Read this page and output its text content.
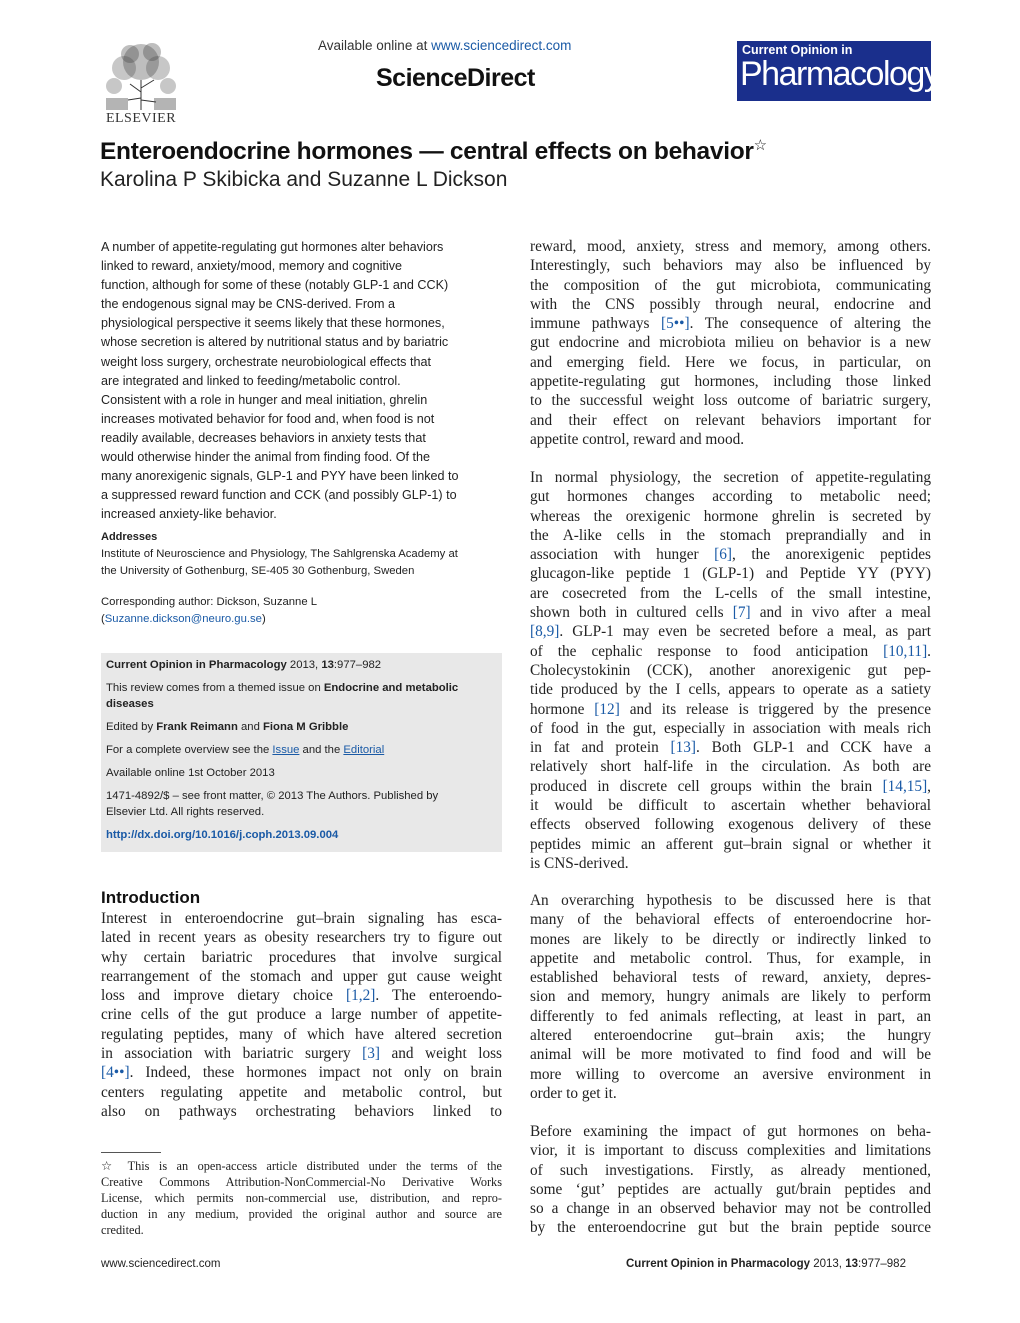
ELSEVIER
Available online at www.sciencedirect.com
ScienceDirect
Current Opinion in
Pharmacology
Enteroendocrine hormones — central effects on behavior☆
Karolina P Skibicka and Suzanne L Dickson
A number of appetite-regulating gut hormones alter behaviors
linked to reward, anxiety/mood, memory and cognitive
function, although for some of these (notably GLP-1 and CCK)
the endogenous signal may be CNS-derived. From a
physiological perspective it seems likely that these hormones,
whose secretion is altered by nutritional status and by bariatric
weight loss surgery, orchestrate neurobiological effects that
are integrated and linked to feeding/metabolic control.
Consistent with a role in hunger and meal initiation, ghrelin
increases motivated behavior for food and, when food is not
readily available, decreases behaviors in anxiety tests that
would otherwise hinder the animal from finding food. Of the
many anorexigenic signals, GLP-1 and PYY have been linked to
a suppressed reward function and CCK (and possibly GLP-1) to
increased anxiety-like behavior.
Addresses
Institute of Neuroscience and Physiology, The Sahlgrenska Academy at
the University of Gothenburg, SE-405 30 Gothenburg, Sweden
Corresponding author: Dickson, Suzanne L
(Suzanne.dickson@neuro.gu.se)
Current Opinion in Pharmacology 2013, 13:977–982
This review comes from a themed issue on Endocrine and metabolic
diseases
Edited by Frank Reimann and Fiona M Gribble
For a complete overview see the Issue and the Editorial
Available online 1st October 2013
1471-4892/$ – see front matter, © 2013 The Authors. Published by
Elsevier Ltd. All rights reserved.
http://dx.doi.org/10.1016/j.coph.2013.09.004
Introduction
Interest in enteroendocrine gut–brain signaling has esca-
lated in recent years as obesity researchers try to figure out
why certain bariatric procedures that involve surgical
rearrangement of the stomach and upper gut cause weight
loss and improve dietary choice [1,2]. The enteroendo-
crine cells of the gut produce a large number of appetite-
regulating peptides, many of which have altered secretion
in association with bariatric surgery [3] and weight loss
[4••]. Indeed, these hormones impact not only on brain
centers regulating appetite and metabolic control, but
also on pathways orchestrating behaviors linked to
☆ This is an open-access article distributed under the terms of the
Creative Commons Attribution-NonCommercial-No Derivative Works
License, which permits non-commercial use, distribution, and repro-
duction in any medium, provided the original author and source are
credited.
reward, mood, anxiety, stress and memory, among others.
Interestingly, such behaviors may also be influenced by
the composition of the gut microbiota, communicating
with the CNS possibly through neural, endocrine and
immune pathways [5••]. The consequence of altering the
gut endocrine and microbiota milieu on behavior is a new
and emerging field. Here we focus, in particular, on
appetite-regulating gut hormones, including those linked
to the successful weight loss outcome of bariatric surgery,
and their effect on relevant behaviors important for
appetite control, reward and mood.
In normal physiology, the secretion of appetite-regulating
gut hormones changes according to metabolic need;
whereas the orexigenic hormone ghrelin is secreted by
the A-like cells in the stomach preprandially and in
association with hunger [6], the anorexigenic peptides
glucagon-like peptide 1 (GLP-1) and Peptide YY (PYY)
are cosecreted from the L-cells of the small intestine,
shown both in cultured cells [7] and in vivo after a meal
[8,9]. GLP-1 may even be secreted before a meal, as part
of the cephalic response to food anticipation [10,11].
Cholecystokinin (CCK), another anorexigenic gut pep-
tide produced by the I cells, appears to operate as a satiety
hormone [12] and its release is triggered by the presence
of food in the gut, especially in association with meals rich
in fat and protein [13]. Both GLP-1 and CCK have a
relatively short half-life in the circulation. As both are
produced in discrete cell groups within the brain [14,15],
it would be difficult to ascertain whether behavioral
effects observed following exogenous delivery of these
peptides mimic an afferent gut–brain signal or whether it
is CNS-derived.
An overarching hypothesis to be discussed here is that
many of the behavioral effects of enteroendocrine hor-
mones are likely to be directly or indirectly linked to
appetite and metabolic control. Thus, for example, in
established behavioral tests of reward, anxiety, depres-
sion and memory, hungry animals are likely to perform
differently to fed animals reflecting, at least in part, an
altered enteroendocrine gut–brain axis; the hungry
animal will be more motivated to find food and will be
more willing to overcome an aversive environment in
order to get it.
Before examining the impact of gut hormones on beha-
vior, it is important to discuss complexities and limitations
of such investigations. Firstly, as already mentioned,
some ‘gut’ peptides are actually gut/brain peptides and
so a change in an observed behavior may not be controlled
by the enteroendocrine gut but the brain peptide source
www.sciencedirect.com	Current Opinion in Pharmacology 2013, 13:977–982
